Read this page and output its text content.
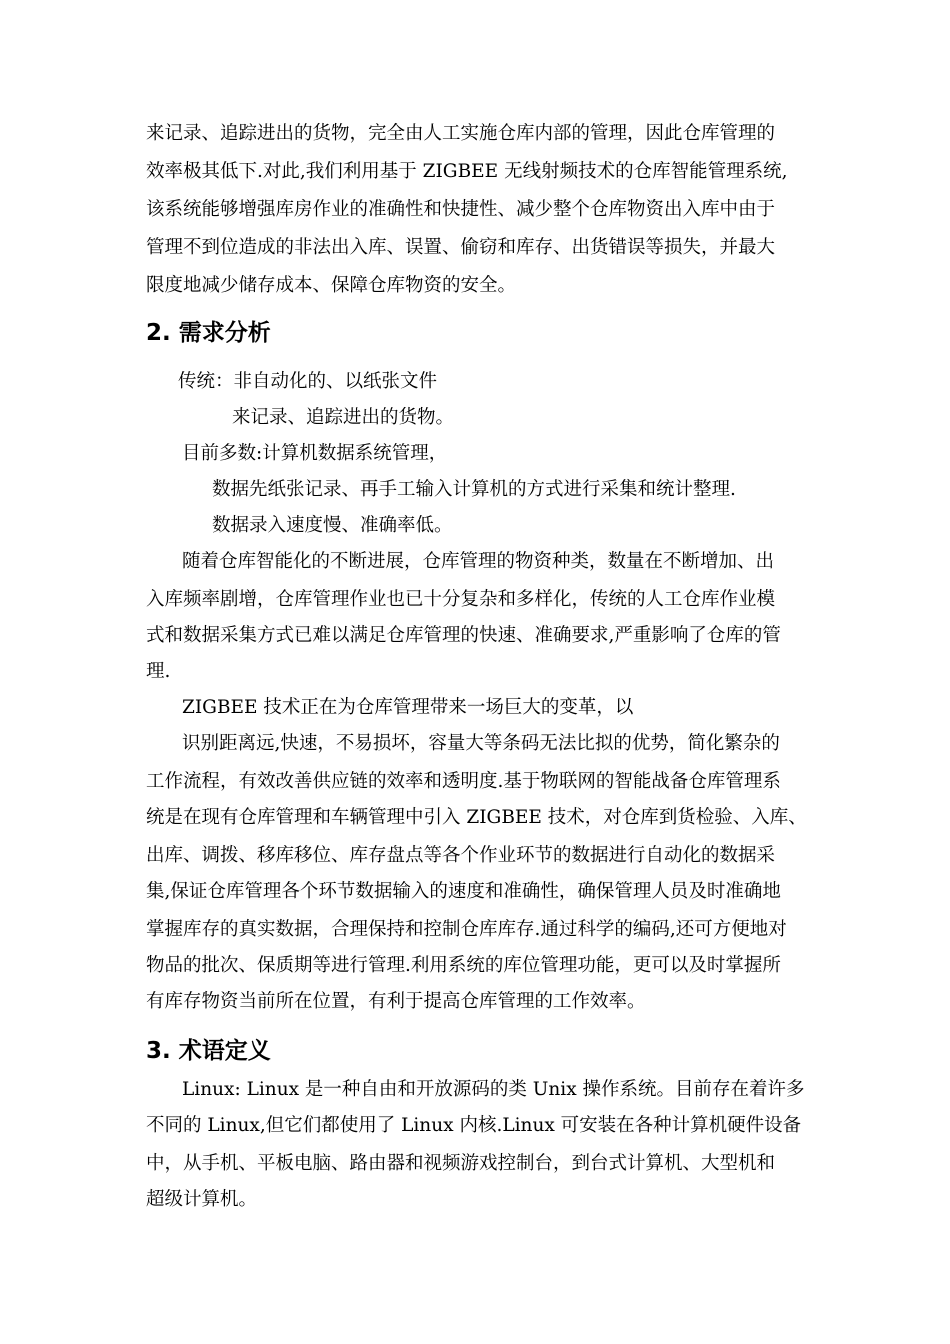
来记录、追踪进出的货物，完全由人工实施仓库内部的管理，因此仓库管理的
效率极其低下.对此,我们利用基于 ZIGBEE 无线射频技术的仓库智能管理系统,
该系统能够增强库房作业的准确性和快捷性、减少整个仓库物资出入库中由于
管理不到位造成的非法出入库、误置、偷窃和库存、出货错误等损失，并最大
限度地减少储存成本、保障仓库物资的安全。
2. 需求分析
传统：非自动化的、以纸张文件
来记录、追踪进出的货物。
目前多数:计算机数据系统管理，
数据先纸张记录、再手工输入计算机的方式进行采集和统计整理.
数据录入速度慢、准确率低。
随着仓库智能化的不断进展，仓库管理的物资种类，数量在不断增加、出
入库频率剧增，仓库管理作业也已十分复杂和多样化，传统的人工仓库作业模
式和数据采集方式已难以满足仓库管理的快速、准确要求,严重影响了仓库的管
理.
ZIGBEE 技术正在为仓库管理带来一场巨大的变革，以
识别距离远,快速，不易损坏，容量大等条码无法比拟的优势，简化繁杂的
工作流程，有效改善供应链的效率和透明度.基于物联网的智能战备仓库管理系
统是在现有仓库管理和车辆管理中引入 ZIGBEE 技术，对仓库到货检验、入库、
出库、调拨、移库移位、库存盘点等各个作业环节的数据进行自动化的数据采
集,保证仓库管理各个环节数据输入的速度和准确性，确保管理人员及时准确地
掌握库存的真实数据，合理保持和控制仓库库存.通过科学的编码,还可方便地对
物品的批次、保质期等进行管理.利用系统的库位管理功能，更可以及时掌握所
有库存物资当前所在位置，有利于提高仓库管理的工作效率。
3. 术语定义
Linux: Linux 是一种自由和开放源码的类 Unix 操作系统。目前存在着许多
不同的 Linux,但它们都使用了 Linux 内核.Linux 可安装在各种计算机硬件设备
中，从手机、平板电脑、路由器和视频游戏控制台，到台式计算机、大型机和
超级计算机。
